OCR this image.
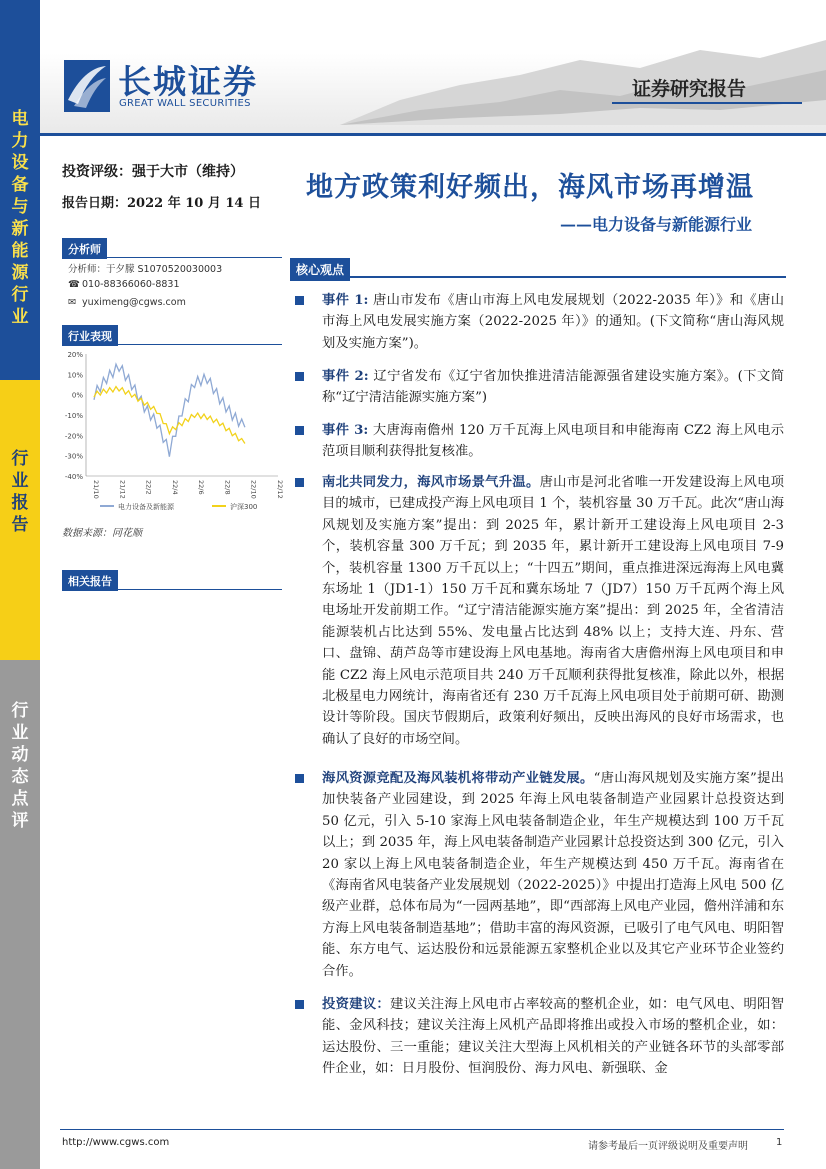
电
力
设
备
与
新
能
源
行
业
行
业
报
告
行
业
动
态
点
评
长城证券
GREAT WALL SECURITIES
证券研究报告
投资评级：强于大市（维持）
报告日期：2022 年 10 月 14 日
分析师
分析师：于夕朦 S1070520030003
☎ 010-88366060-8831
✉ yuximeng@cgws.com
行业表现
20%
10%
0%
-10%
-20%
-30%
-40%
21/10	21/12	22/2	22/4	22/6	22/8	22/10	22/12
电力设备及新能源	沪深300
数据来源：同花顺
相关报告
地方政策利好频出，海风市场再增温
——电力设备与新能源行业
核心观点
事件 1: 唐山市发布《唐山市海上风电发展规划（2022-2035 年）》和《唐山市海上风电发展实施方案（2022-2025 年）》的通知。(下文简称“唐山海风规划及实施方案”)。
事件 2: 辽宁省发布《辽宁省加快推进清洁能源强省建设实施方案》。(下文简称“辽宁清洁能源实施方案”)
事件 3: 大唐海南儋州 120 万千瓦海上风电项目和申能海南 CZ2 海上风电示范项目顺利获得批复核准。
南北共同发力，海风市场景气升温。唐山市是河北省唯一开发建设海上风电项目的城市，已建成投产海上风电项目 1 个，装机容量 30 万千瓦。此次“唐山海风规划及实施方案”提出：到 2025 年，累计新开工建设海上风电项目 2-3 个，装机容量 300 万千瓦；到 2035 年，累计新开工建设海上风电项目 7-9 个，装机容量 1300 万千瓦以上；“十四五”期间，重点推进深远海海上风电冀东场址 1（JD1-1）150 万千瓦和冀东场址 7（JD7）150 万千瓦两个海上风电场址开发前期工作。“辽宁清洁能源实施方案”提出：到 2025 年，全省清洁能源装机占比达到 55%、发电量占比达到 48% 以上；支持大连、丹东、营口、盘锦、葫芦岛等市建设海上风电基地。海南省大唐儋州海上风电项目和申能 CZ2 海上风电示范项目共 240 万千瓦顺利获得批复核准，除此以外，根据北极星电力网统计，海南省还有 230 万千瓦海上风电项目处于前期可研、勘测设计等阶段。国庆节假期后，政策利好频出，反映出海风的良好市场需求，也确认了良好的市场空间。
海风资源竞配及海风装机将带动产业链发展。“唐山海风规划及实施方案”提出加快装备产业园建设，到 2025 年海上风电装备制造产业园累计总投资达到 50 亿元，引入 5-10 家海上风电装备制造企业，年生产规模达到 100 万千瓦以上；到 2035 年，海上风电装备制造产业园累计总投资达到 300 亿元，引入 20 家以上海上风电装备制造企业，年生产规模达到 450 万千瓦。海南省在《海南省风电装备产业发展规划（2022-2025）》中提出打造海上风电 500 亿级产业群，总体布局为“一园两基地”，即“西部海上风电产业园，儋州洋浦和东方海上风电装备制造基地”；借助丰富的海风资源，已吸引了电气风电、明阳智能、东方电气、运达股份和远景能源五家整机企业以及其它产业环节企业签约合作。
投资建议：建议关注海上风电市占率较高的整机企业，如：电气风电、明阳智能、金风科技；建议关注海上风机产品即将推出或投入市场的整机企业，如：运达股份、三一重能；建议关注大型海上风机相关的产业链各环节的头部零部件企业，如：日月股份、恒润股份、海力风电、新强联、金
http://www.cgws.com	请参考最后一页评级说明及重要声明	1
